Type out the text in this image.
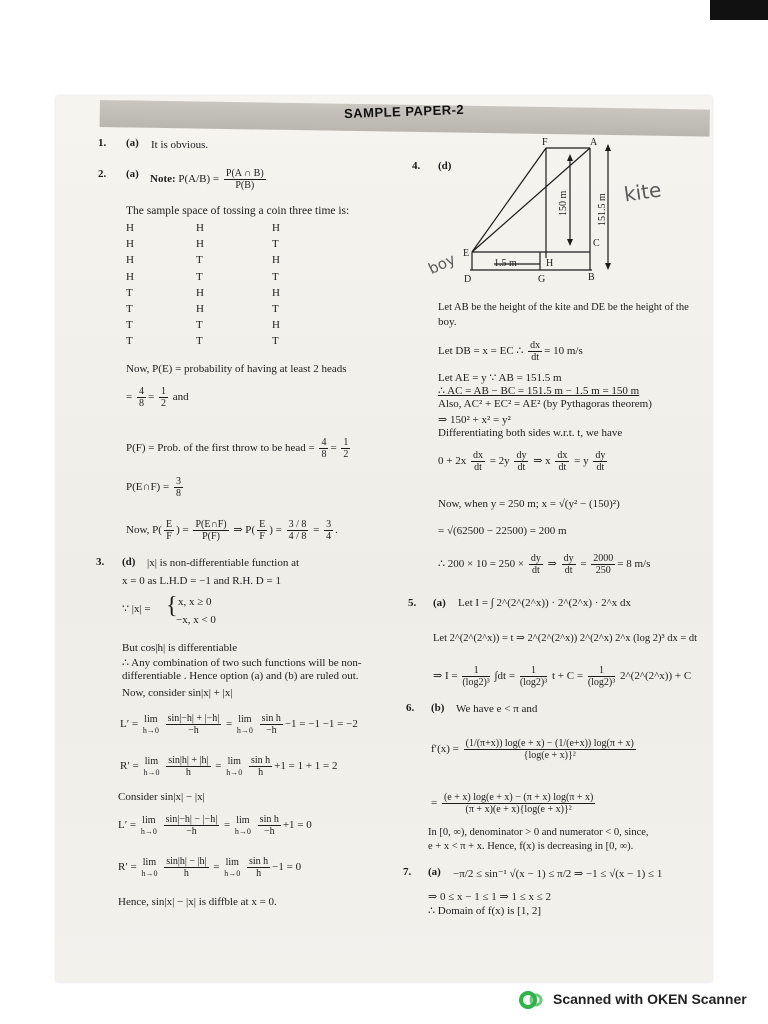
SAMPLE PAPER-2
1. (a) It is obvious.
2. (a) Note: $P(A/B) = \frac{P(A \cap B)}{P(B)}$
The sample space of tossing a coin three time is:
H	H	H
H	H	T
H	T	H
H	T	T
T	H	H
T	H	T
T	T	H
T	T	T
Now, P(E) = probability of having at least 2 heads
= $\frac{4}{8} = \frac{1}{2}$ and
P(F) = Prob. of the first throw to be head = $\frac{4}{8} = \frac{1}{2}$
P(E∩F) = $\frac{3}{8}$
Now, $P( \frac{E}{F}$ ) = $\frac{P(E\cap F)}{P(F)}$ ⇒ $P( \frac{E}{F}$ ) = $\frac{3 / 8}{4 / 8} = \frac{3}{4}$ .
3. (d) |x| is non-differentiable function at
x = 0 as L.H.D = −1 and R.H. D = 1
∵ |x| = { x, x ≥ 0
−x, x < 0
But cos|h| is differentiable
∴ Any combination of two such functions will be non-
differentiable . Hence option (a) and (b) are ruled out.
Now, consider sin|x| + |x|
L′ = lim
h→0
$\frac{\sin|-h| + |-h|}{-h} = \lim$
h→0
$\frac{\text{sin h}}{-h} -1 = -1 -1 = -2$
R′ = lim
h→0
$\frac{\sin|h| + |h|}{h} = \lim$
h→0
$\frac{\text{sin h}}{h} +1 = 1 + 1 = 2$
Consider sin|x| − |x|
L′ = lim
h→0
$\frac{\sin|-h| - |-h|}{-h} = \lim$
h→0
$\frac{\text{sin h}}{-h} +1 = 0$
R′ = lim
h→0
$\frac{\sin|h| - |h|}{h} = \lim$
h→0
$\frac{\text{sin h}}{h} -1 = 0$
Hence, sin|x| − |x| is diffble at x = 0.
4. (d)
F	A
C
E
D	G	B
H
1.5 m
150 m	151.5 m
kite
boy
Let AB be the height of the kite and DE be the height of the
boy.
Let DB = x = EC ∴ $\frac{dx}{dt} = 10$ m/s
Let AE = y ∵ AB = 151.5 m
∴ AC = AB − BC = 151.5 m − 1.5 m = 150 m
Also, AC² + EC² = AE² (by Pythagoras theorem)
⇒ 150² + x² = y²
Differentiating both sides w.r.t. t, we have
$0 + 2x \frac{dx}{dt} = 2y \frac{dy}{dt}$ ⇒ x $\frac{dx}{dt} = y \frac{dy}{dt}$
Now, when y = 250 m; x = √(y² − (150)²)
= √(62500 − 22500) = 200 m
∴ $200 \times 10 = 250 \times \frac{dy}{dt}$ ⇒ $\frac{dy}{dt} = \frac{2000}{250} = 8$ m/s
5. (a) Let I = ∫ 2^(2^(2^x)) · 2^(2^x) · 2^x dx
Let 2^(2^(2^x)) = t ⇒ 2^(2^(2^x)) 2^(2^x) 2^x (log 2)³ dx = dt
⇒ $I = \frac{1}{\text{(log2)³}} \int dt = \frac{1}{\text{(log2)³}}$ $t + C = \frac{1}{\text{(log2)³}}$ 2^(2^(2^x)) + C
6. (b) We have e < π and
$f'(x) = \frac{(1/(\pi+x)) \log(e + x) - (1/(e+x)) \log(\pi + x)}{\text{\{log(e + x)\}²}}$
= $\frac{(e + x) \log(e + x) - (\pi + x) \log(\pi + x)}{\text{(π + x)(e + x)\{log(e + x)\}²}}$
In [0, ∞), denominator > 0 and numerator < 0, since,
e + x < π + x. Hence, f(x) is decreasing in [0, ∞).
7. (a) −π/2 ≤ sin⁻¹ √(x − 1) ≤ π/2 ⇒ −1 ≤ √(x − 1) ≤ 1
⇒ 0 ≤ x − 1 ≤ 1 ⇒ 1 ≤ x ≤ 2
∴ Domain of f(x) is [1, 2]
Scanned with OKEN Scanner
